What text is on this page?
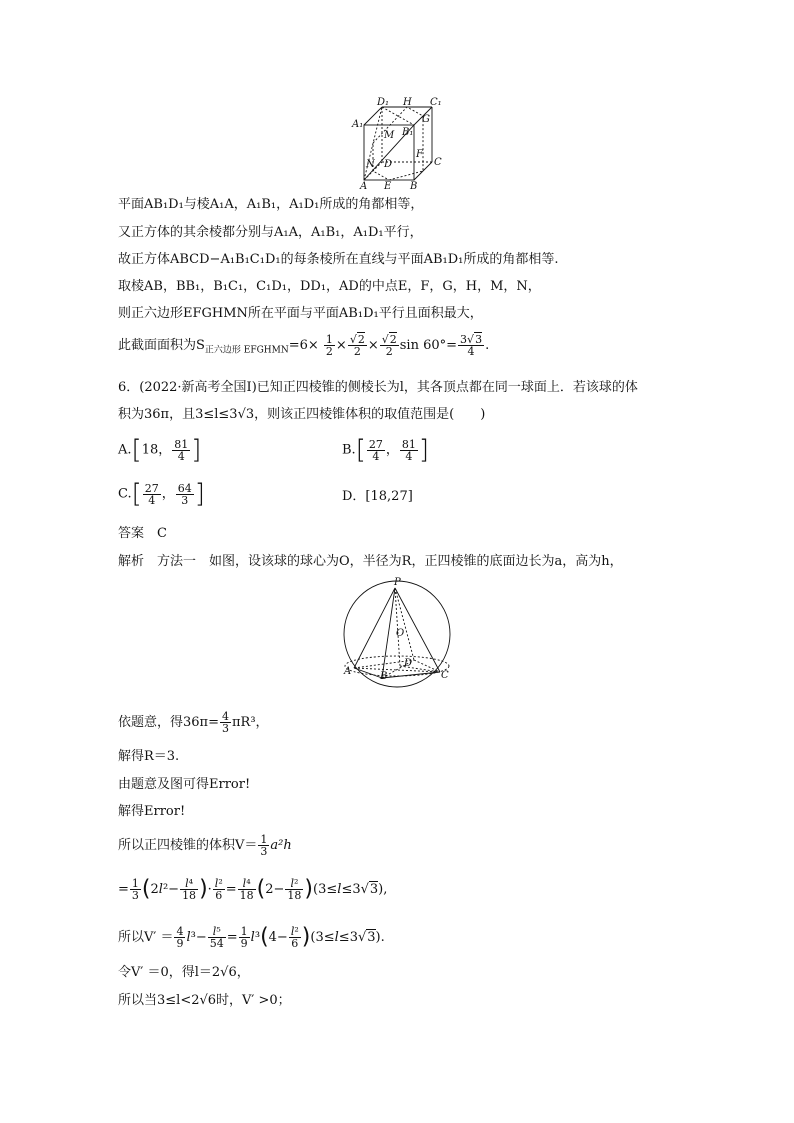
D₁ H C₁
A₁
M B₁
G
N D
F
C
A E B
平面AB₁D₁与棱A₁A，A₁B₁，A₁D₁所成的角都相等，
又正方体的其余棱都分别与A₁A，A₁B₁，A₁D₁平行，
故正方体ABCD−A₁B₁C₁D₁的每条棱所在直线与平面AB₁D₁所成的角都相等.
取棱AB，BB₁，B₁C₁，C₁D₁，DD₁，AD的中点E，F，G，H，M，N，
则正六边形EFGHMN所在平面与平面AB₁D₁平行且面积最大，
此截面面积为$S_{正六边形 EFGHMN}=6\times \frac{1}{2} \times \frac{√2}{2} \times \frac{√2}{2}$ $\sin 60^\circ= \frac{3√3}{4}$ .
6．(2022·新高考全国Ⅰ)已知正四棱锥的侧棱长为l，其各顶点都在同一球面上．若该球的体
积为36π，且3≤l≤3√3，则该正四棱锥体积的取值范围是(　　)
A.[18， $\frac{81}{4}$ ]	$B.[ \frac{27}{4}$ ， $\frac{81}{4}$ ]
$C.[ \frac{27}{4}$ ， $\frac{64}{3}$ ]	D．[18,27]
答案　C
解析　方法一　如图，设该球的球心为O，半径为R，正四棱锥的底面边长为a，高为h，
P
O
D
A	B	C
依题意，得$36\pi= \frac{4}{3} \pi R^3$，
解得R＝3.
由题意及图可得Error!
解得Error!
所以正四棱锥的体积$V= \frac{1}{3} a^2h$
= $\frac{1}{3} (2l^2- \frac{\text{l⁴}}{18}$ )· $\frac{\text{l²}}{6} = \frac{\text{l⁴}}{18} (2- \frac{\text{l²}}{18} )(3\le l\le 3√3)$,
所以$V' = \frac{4}{9} l^3- \frac{\text{l⁵}}{54} = \frac{1}{9} l^3(4- \frac{\text{l²}}{6} )(3\le l\le 3√3)$.
令V′ ＝0，得l＝2√6，
所以当3≤l<2√6时，V′ >0；
